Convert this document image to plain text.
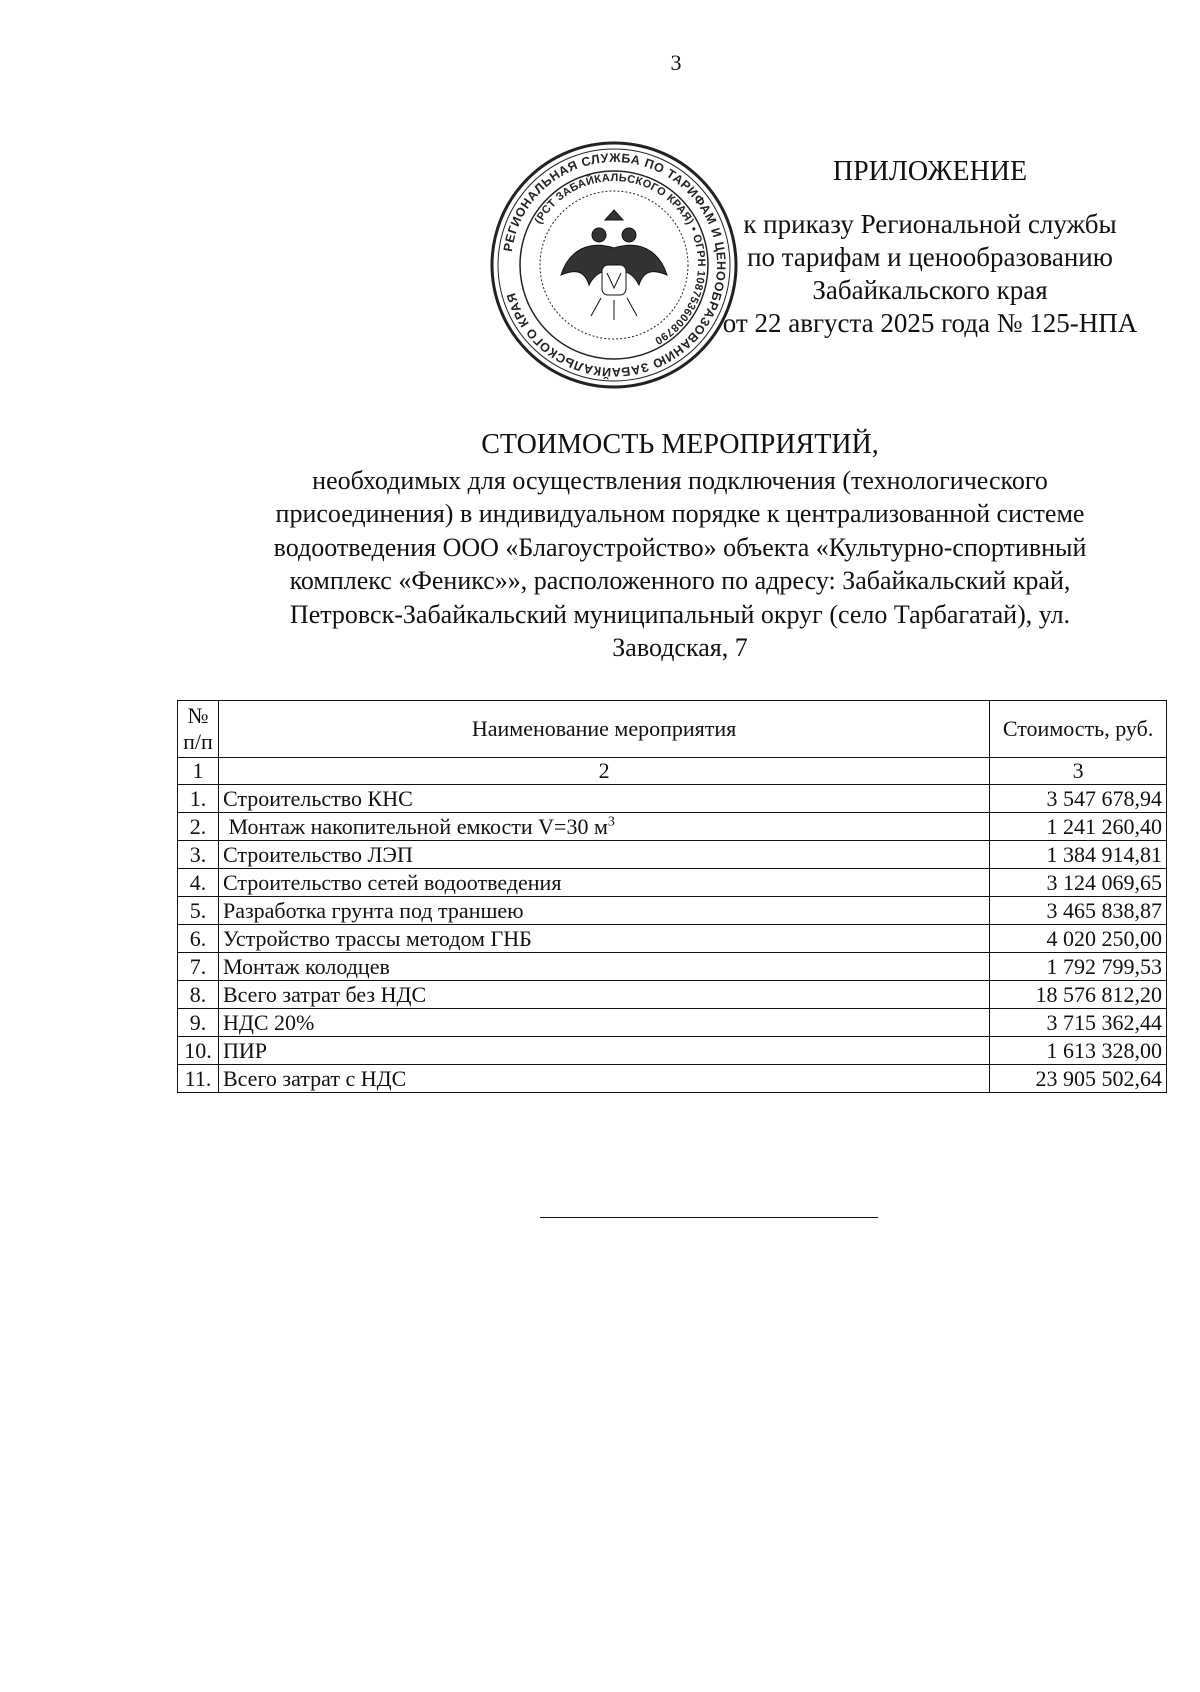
3
РЕГИОНАЛЬНАЯ СЛУЖБА ПО ТАРИФАМ И ЦЕНООБРАЗОВАНИЮ ЗАБАЙКАЛЬСКОГО КРАЯ
(РСТ ЗАБАЙКАЛЬСКОГО КРАЯ) • ОГРН 1087536008790
ПРИЛОЖЕНИЕ
к приказу Региональной службы
по тарифам и ценообразованию
Забайкальского края
от 22 августа 2025 года № 125-НПА
СТОИМОСТЬ МЕРОПРИЯТИЙ,
необходимых для осуществления подключения (технологического
присоединения) в индивидуальном порядке к централизованной системе
водоотведения ООО «Благоустройство» объекта «Культурно-спортивный
комплекс «Феникс»», расположенного по адресу: Забайкальский край,
Петровск-Забайкальский муниципальный округ (село Тарбагатай), ул.
Заводская, 7
№
п/п	Наименование мероприятия	Стоимость, руб.
1	2	3
1.	Строительство КНС	3 547 678,94
2.	Монтаж накопительной емкости V=30 $м^3$	1 241 260,40
3.	Строительство ЛЭП	1 384 914,81
4.	Строительство сетей водоотведения	3 124 069,65
5.	Разработка грунта под траншею	3 465 838,87
6.	Устройство трассы методом ГНБ	4 020 250,00
7.	Монтаж колодцев	1 792 799,53
8.	Всего затрат без НДС	18 576 812,20
9.	НДС 20%	3 715 362,44
10.	ПИР	1 613 328,00
11.	Всего затрат с НДС	23 905 502,64
